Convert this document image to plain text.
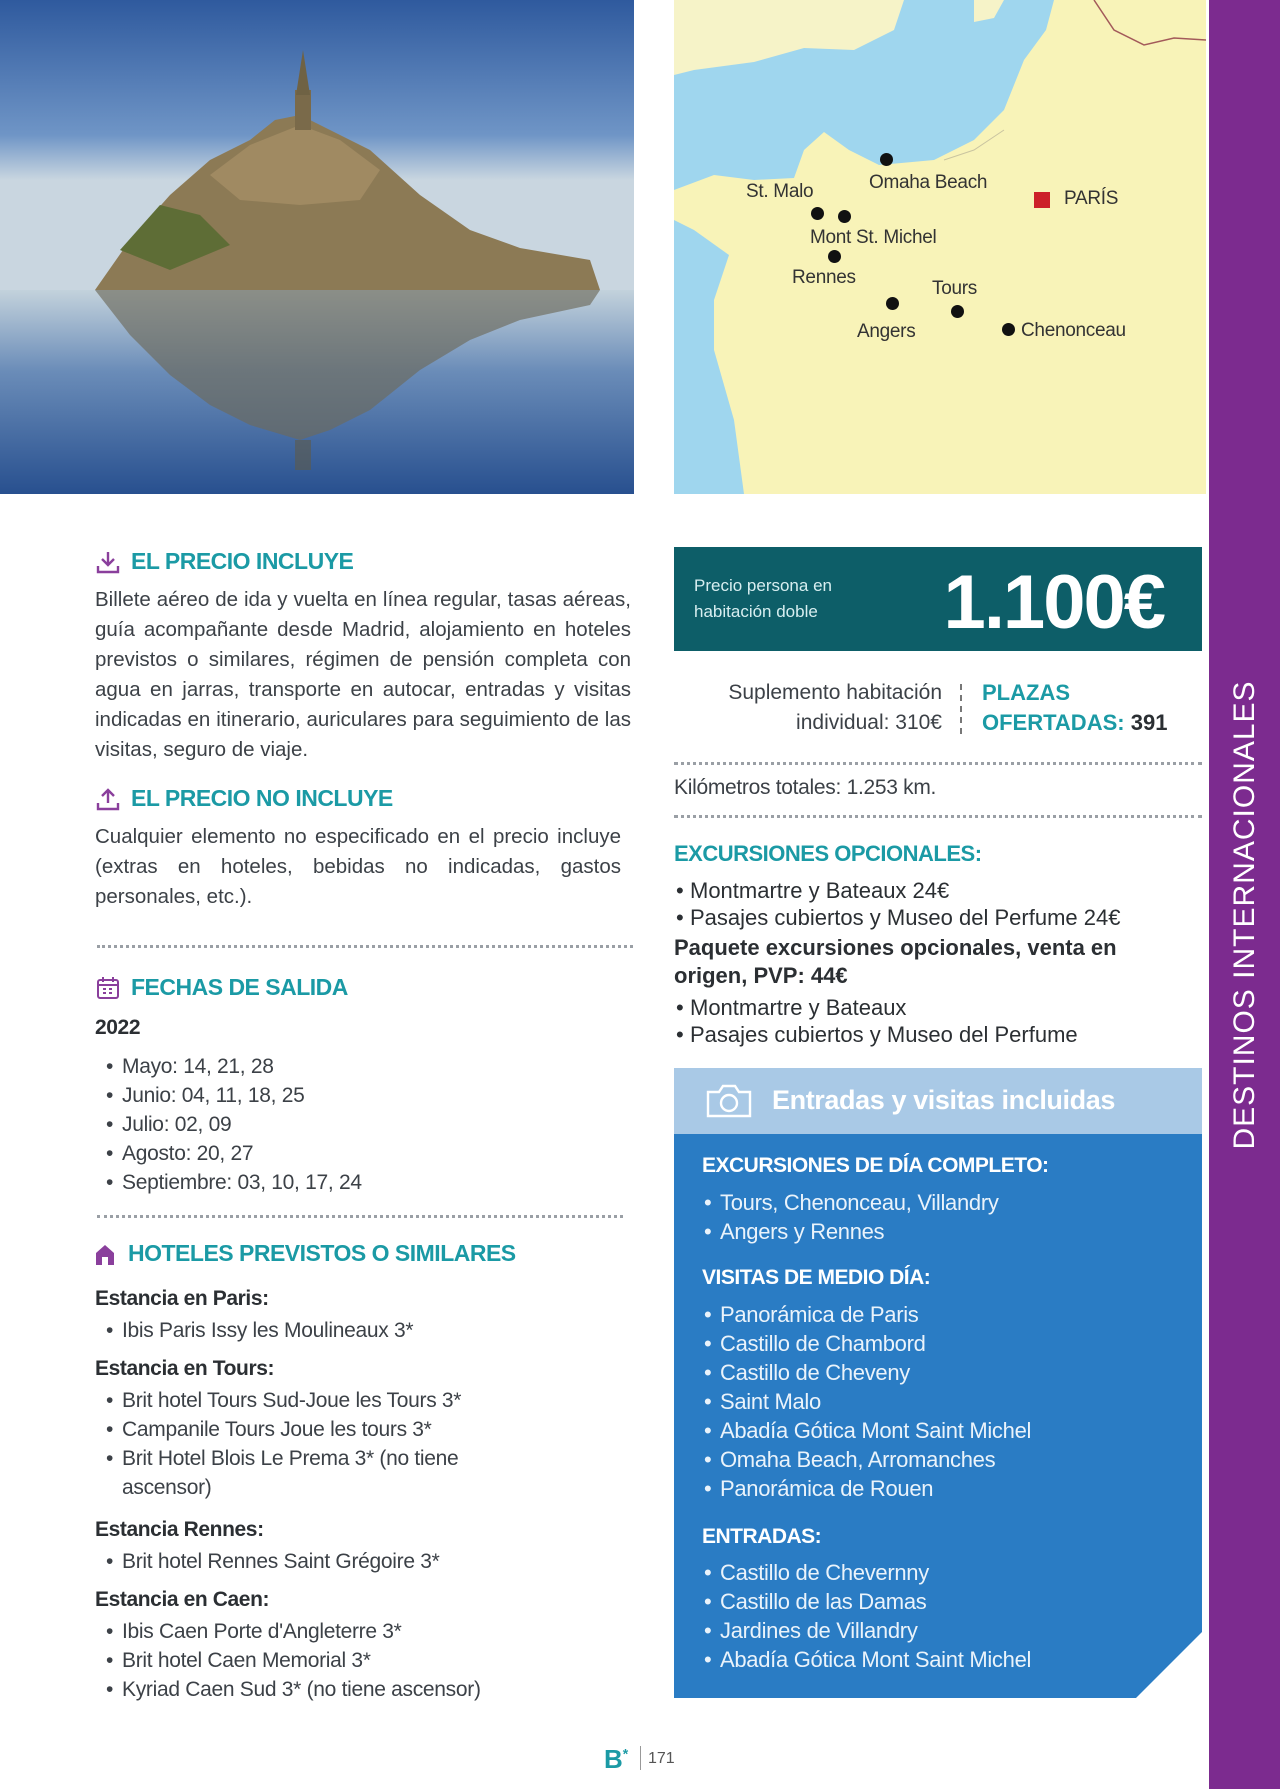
Omaha Beach
St. Malo
Mont St. Michel
Rennes
Tours
Angers	Chenonceau
PARÍS
DESTINOS INTERNACIONALES
EL PRECIO INCLUYE
Billete aéreo de ida y vuelta en línea regular, tasas aéreas, guía acompañante desde Madrid, alojamiento en hoteles previstos o similares, régimen de pensión completa con agua en jarras, transporte en autocar, entradas y visitas indicadas en itinerario, auriculares para seguimiento de las visitas, seguro de viaje.
EL PRECIO NO INCLUYE
Cualquier elemento no especificado en el precio incluye (extras en hoteles, bebidas no indicadas, gastos personales, etc.).
FECHAS DE SALIDA
2022
• Mayo: 14, 21, 28
• Junio: 04, 11, 18, 25
• Julio: 02, 09
• Agosto: 20, 27
• Septiembre: 03, 10, 17, 24
HOTELES PREVISTOS O SIMILARES
Estancia en Paris:
• Ibis Paris Issy les Moulineaux 3*
Estancia en Tours:
• Brit hotel Tours Sud-Joue les Tours 3*
• Campanile Tours Joue les tours 3*
• Brit Hotel Blois Le Prema 3* (no tiene ascensor)
Estancia Rennes:
• Brit hotel Rennes Saint Grégoire 3*
Estancia en Caen:
• Ibis Caen Porte d'Angleterre 3*
• Brit hotel Caen Memorial 3*
• Kyriad Caen Sud 3* (no tiene ascensor)
Precio persona en
habitación doble	1.100€
Suplemento habitación
individual: 310€
PLAZAS
OFERTADAS: 391
Kilómetros totales: 1.253 km.
EXCURSIONES OPCIONALES:
• Montmartre y Bateaux 24€
• Pasajes cubiertos y Museo del Perfume 24€
Paquete excursiones opcionales, venta en origen, PVP: 44€
• Montmartre y Bateaux
• Pasajes cubiertos y Museo del Perfume
Entradas y visitas incluidas
EXCURSIONES DE DÍA COMPLETO:
• Tours, Chenonceau, Villandry
• Angers y Rennes
VISITAS DE MEDIO DÍA:
• Panorámica de Paris
• Castillo de Chambord
• Castillo de Cheveny
• Saint Malo
• Abadía Gótica Mont Saint Michel
• Omaha Beach, Arromanches
• Panorámica de Rouen
ENTRADAS:
• Castillo de Chevernny
• Castillo de las Damas
• Jardines de Villandry
• Abadía Gótica Mont Saint Michel
B* 171
